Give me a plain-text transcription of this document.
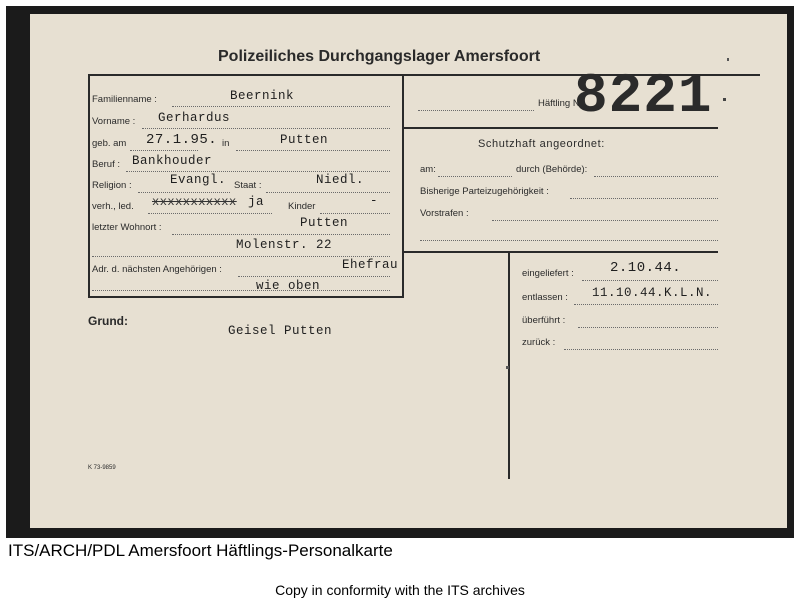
Polizeiliches Durchgangslager Amersfoort
Häftling Nr.
8221
Familienname :	Beernink
Vorname : Gerhardus
geb. am 27.1.95. in	Putten
Beruf : Bankhouder
Religion :	Evangl. Staat :	Niedl.
verh., led. xxxxxxxxxxx ja	Kinder	-
letzter Wohnort :	Putten
Molenstr. 22
Adr. d. nächsten Angehörigen :	Ehefrau
wie oben
Schutzhaft angeordnet:
am:	durch (Behörde):
Bisherige Parteizugehörigkeit :
Vorstrafen :
Grund:
Geisel Putten
eingeliefert :	2.10.44.
entlassen : 11.10.44.K.L.N.
überführt :
zurück :
K 73-9859
ITS/ARCH/PDL Amersfoort Häftlings-Personalkarte
Copy in conformity with the ITS archives
